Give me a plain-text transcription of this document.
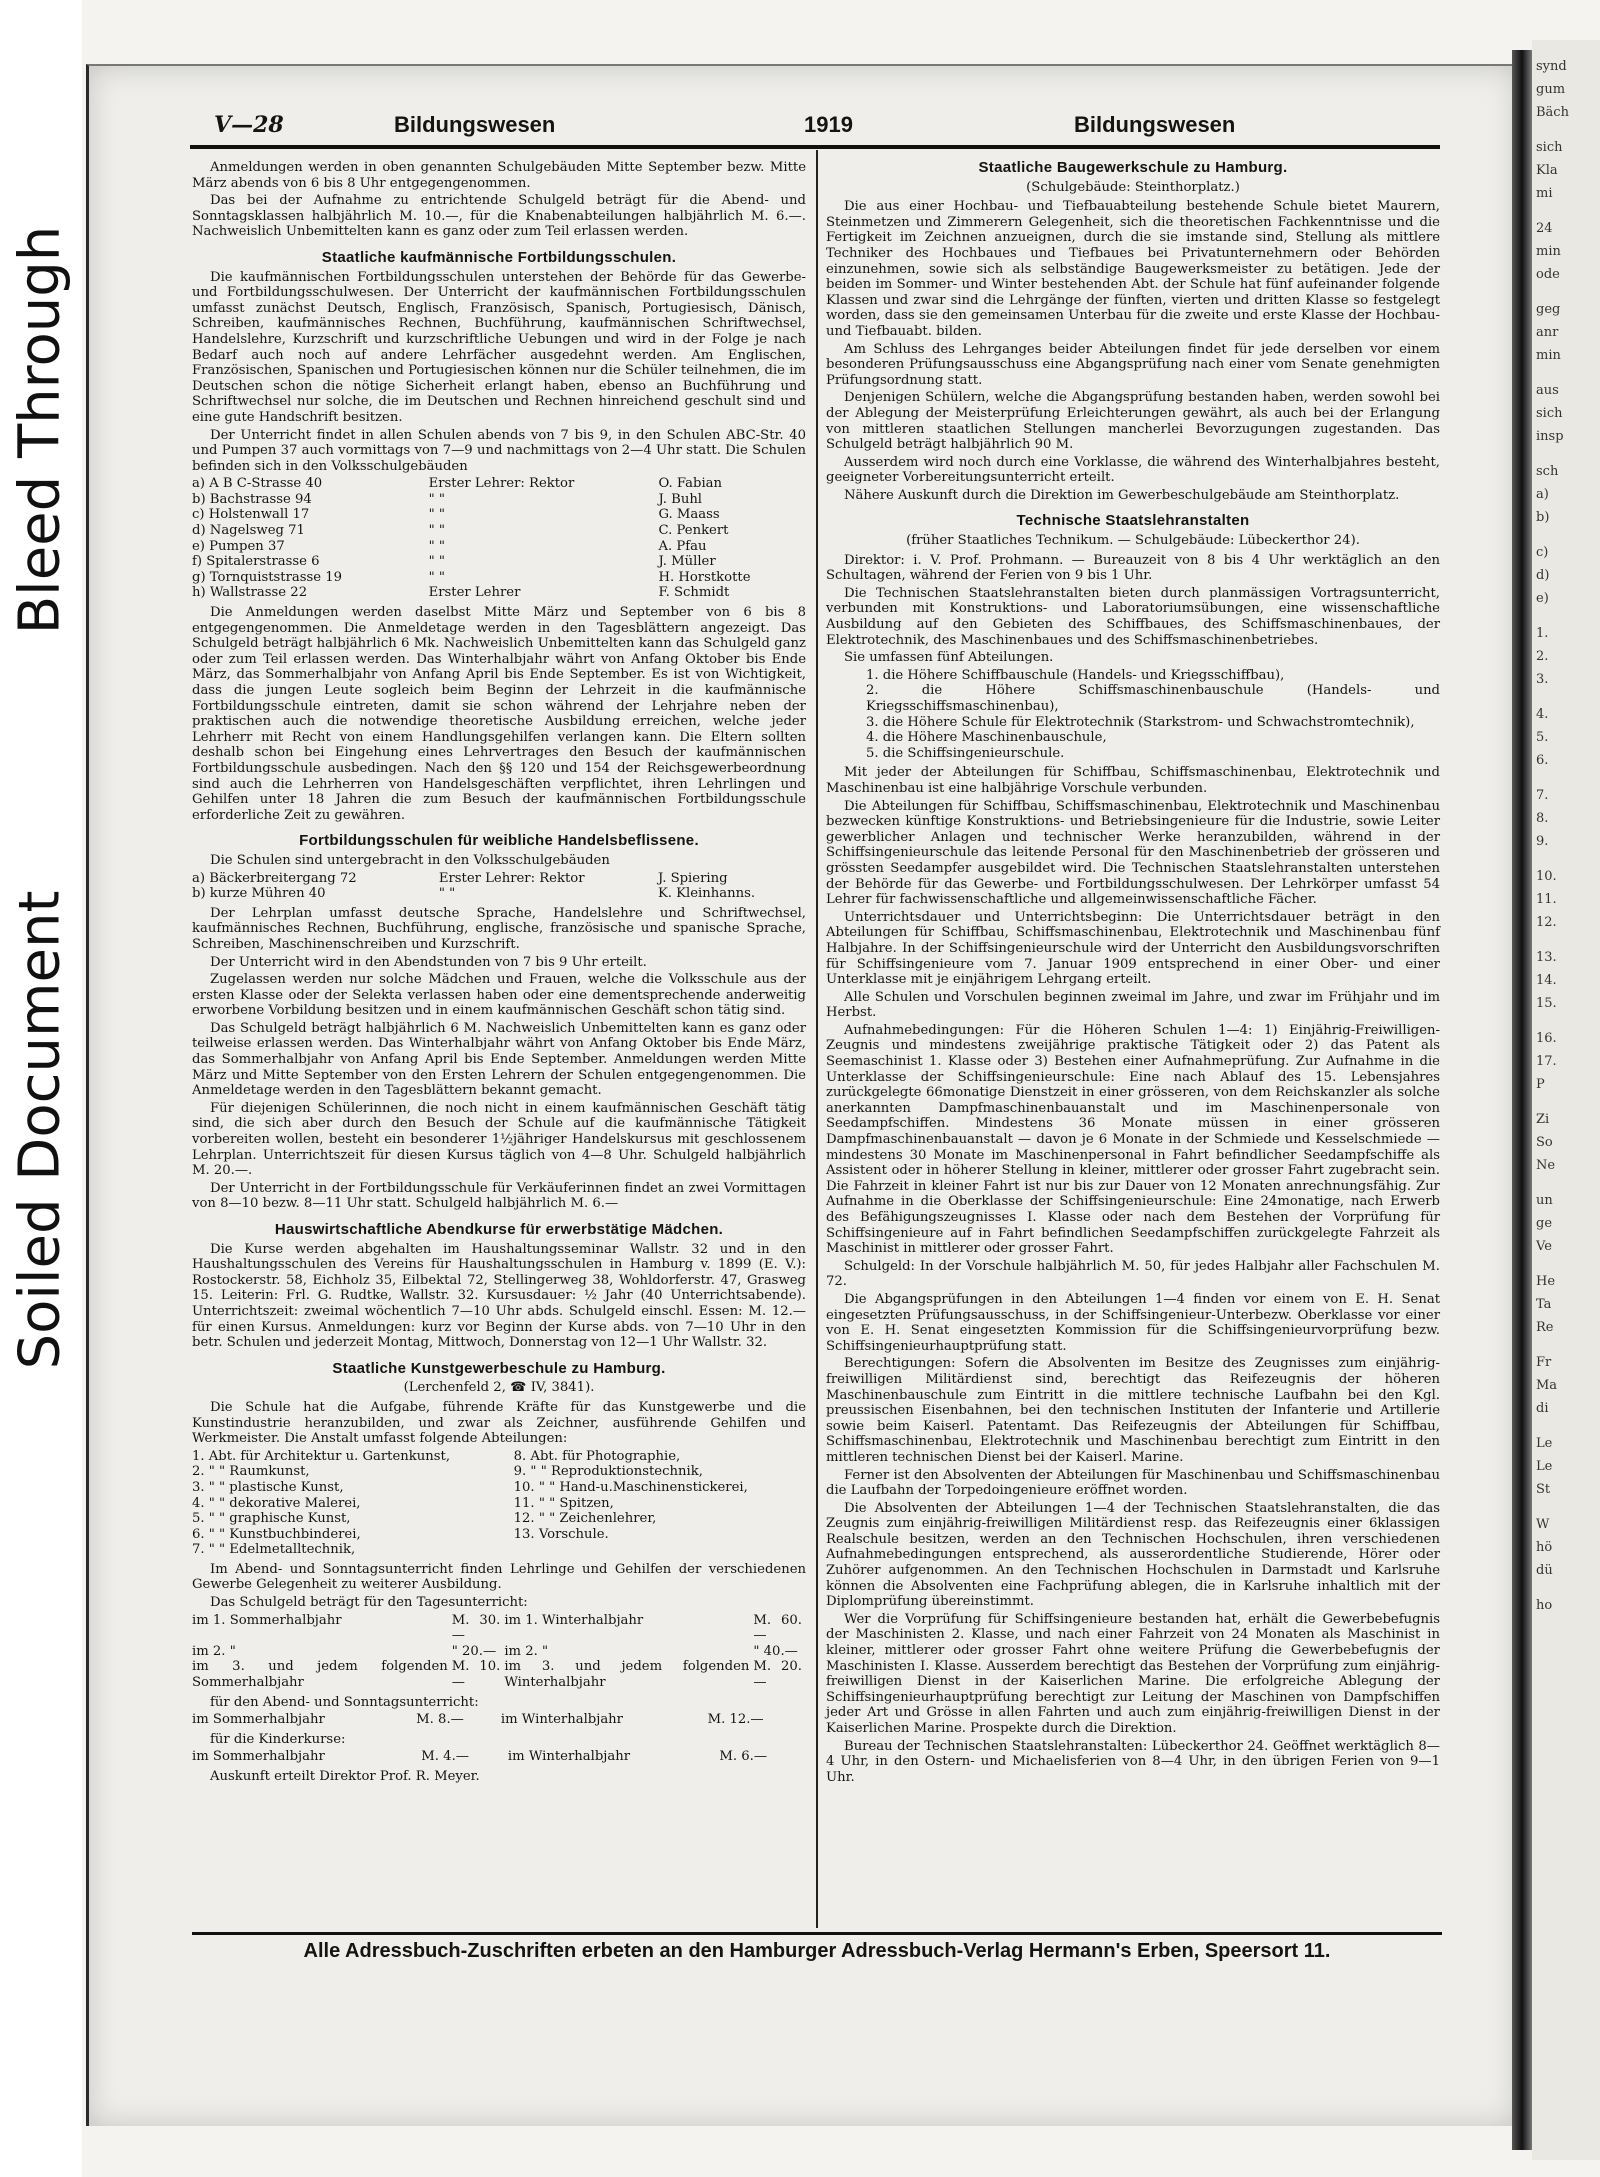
Bleed Through
Soiled Document
synd
gum
Bäch
sich
Kla
mi
24
min
ode
geg
anr
min
aus
sich
insp
sch
a)
b)
c)
d)
e)
1.
2.
3.
4.
5.
6.
7.
8.
9.
10.
11.
12.
13.
14.
15.
16.
17.
P
Zi
So
Ne
un
ge
Ve
He
Ta
Re
Fr
Ma
di
Le
Le
St
W
hö
dü
ho
V—28	Bildungswesen	1919	Bildungswesen

Anmeldungen werden in oben genannten Schulgebäuden Mitte September bezw. Mitte März abends von 6 bis 8 Uhr entgegengenommen.

Das bei der Aufnahme zu entrichtende Schulgeld beträgt für die Abend- und Sonntagsklassen halbjährlich M. 10.—, für die Knabenabteilungen halbjährlich M. 6.—. Nachweislich Unbemittelten kann es ganz oder zum Teil erlassen werden.

Staatliche kaufmännische Fortbildungsschulen.

Die kaufmännischen Fortbildungsschulen unterstehen der Behörde für das Gewerbe- und Fortbildungsschulwesen. Der Unterricht der kaufmännischen Fortbildungsschulen umfasst zunächst Deutsch, Englisch, Französisch, Spanisch, Portugiesisch, Dänisch, Schreiben, kaufmännisches Rechnen, Buchführung, kaufmännischen Schriftwechsel, Handelslehre, Kurzschrift und kurzschriftliche Uebungen und wird in der Folge je nach Bedarf auch noch auf andere Lehrfächer ausgedehnt werden. Am Englischen, Französischen, Spanischen und Portugiesischen können nur die Schüler teilnehmen, die im Deutschen schon die nötige Sicherheit erlangt haben, ebenso an Buchführung und Schriftwechsel nur solche, die im Deutschen und Rechnen hinreichend geschult sind und eine gute Handschrift besitzen.

Der Unterricht findet in allen Schulen abends von 7 bis 9, in den Schulen ABC-Str. 40 und Pumpen 37 auch vormittags von 7—9 und nachmittags von 2—4 Uhr statt. Die Schulen befinden sich in den Volksschulgebäuden

a) A B C-Strasse 40	Erster Lehrer: Rektor	O. Fabian
b) Bachstrasse 94	" "	J. Buhl
c) Holstenwall 17	" "	G. Maass
d) Nagelsweg 71	" "	C. Penkert
e) Pumpen 37	" "	A. Pfau
f) Spitalerstrasse 6	" "	J. Müller
g) Tornquiststrasse 19	" "	H. Horstkotte
h) Wallstrasse 22	Erster Lehrer	F. Schmidt

Die Anmeldungen werden daselbst Mitte März und September von 6 bis 8 entgegengenommen. Die Anmeldetage werden in den Tagesblättern angezeigt. Das Schulgeld beträgt halbjährlich 6 Mk. Nachweislich Unbemittelten kann das Schulgeld ganz oder zum Teil erlassen werden. Das Winterhalbjahr währt von Anfang Oktober bis Ende März, das Sommerhalbjahr von Anfang April bis Ende September. Es ist von Wichtigkeit, dass die jungen Leute sogleich beim Beginn der Lehrzeit in die kaufmännische Fortbildungsschule eintreten, damit sie schon während der Lehrjahre neben der praktischen auch die notwendige theoretische Ausbildung erreichen, welche jeder Lehrherr mit Recht von einem Handlungsgehilfen verlangen kann. Die Eltern sollten deshalb schon bei Eingehung eines Lehrvertrages den Besuch der kaufmännischen Fortbildungsschule ausbedingen. Nach den §§ 120 und 154 der Reichsgewerbeordnung sind auch die Lehrherren von Handelsgeschäften verpflichtet, ihren Lehrlingen und Gehilfen unter 18 Jahren die zum Besuch der kaufmännischen Fortbildungsschule erforderliche Zeit zu gewähren.

Fortbildungsschulen für weibliche Handelsbeflissene.

Die Schulen sind untergebracht in den Volksschulgebäuden

a) Bäckerbreitergang 72	Erster Lehrer: Rektor	J. Spiering
b) kurze Mühren 40	" "	K. Kleinhanns.

Der Lehrplan umfasst deutsche Sprache, Handelslehre und Schriftwechsel, kaufmännisches Rechnen, Buchführung, englische, französische und spanische Sprache, Schreiben, Maschinenschreiben und Kurzschrift.

Der Unterricht wird in den Abendstunden von 7 bis 9 Uhr erteilt.

Zugelassen werden nur solche Mädchen und Frauen, welche die Volksschule aus der ersten Klasse oder der Selekta verlassen haben oder eine dementsprechende anderweitig erworbene Vorbildung besitzen und in einem kaufmännischen Geschäft schon tätig sind.

Das Schulgeld beträgt halbjährlich 6 M. Nachweislich Unbemittelten kann es ganz oder teilweise erlassen werden. Das Winterhalbjahr währt von Anfang Oktober bis Ende März, das Sommerhalbjahr von Anfang April bis Ende September. Anmeldungen werden Mitte März und Mitte September von den Ersten Lehrern der Schulen entgegengenommen. Die Anmeldetage werden in den Tagesblättern bekannt gemacht.

Für diejenigen Schülerinnen, die noch nicht in einem kaufmännischen Geschäft tätig sind, die sich aber durch den Besuch der Schule auf die kaufmännische Tätigkeit vorbereiten wollen, besteht ein besonderer 1½jähriger Handelskursus mit geschlossenem Lehrplan. Unterrichtszeit für diesen Kursus täglich von 4—8 Uhr. Schulgeld halbjährlich M. 20.—.

Der Unterricht in der Fortbildungsschule für Verkäuferinnen findet an zwei Vormittagen von 8—10 bezw. 8—11 Uhr statt. Schulgeld halbjährlich M. 6.—

Hauswirtschaftliche Abendkurse für erwerbstätige Mädchen.

Die Kurse werden abgehalten im Haushaltungsseminar Wallstr. 32 und in den Haushaltungsschulen des Vereins für Haushaltungsschulen in Hamburg v. 1899 (E. V.): Rostockerstr. 58, Eichholz 35, Eilbektal 72, Stellingerweg 38, Wohldorferstr. 47, Grasweg 15. Leiterin: Frl. G. Rudtke, Wallstr. 32. Kursusdauer: ½ Jahr (40 Unterrichtsabende). Unterrichtszeit: zweimal wöchentlich 7—10 Uhr abds. Schulgeld einschl. Essen: M. 12.— für einen Kursus. Anmeldungen: kurz vor Beginn der Kurse abds. von 7—10 Uhr in den betr. Schulen und jederzeit Montag, Mittwoch, Donnerstag von 12—1 Uhr Wallstr. 32.

Staatliche Kunstgewerbeschule zu Hamburg.
(Lerchenfeld 2, ☎ IV, 3841).

Die Schule hat die Aufgabe, führende Kräfte für das Kunstgewerbe und die Kunstindustrie heranzubilden, und zwar als Zeichner, ausführende Gehilfen und Werkmeister. Die Anstalt umfasst folgende Abteilungen:

1. Abt. für Architektur u. Gartenkunst,	8. Abt. für Photographie,
2. " " Raumkunst,	9. " " Reproduktionstechnik,
3. " " plastische Kunst,	10. " " Hand-u.Maschinenstickerei,
4. " " dekorative Malerei,	11. " " Spitzen,
5. " " graphische Kunst,	12. " " Zeichenlehrer,
6. " " Kunstbuchbinderei,	13. Vorschule.
7. " " Edelmetalltechnik,	

Im Abend- und Sonntagsunterricht finden Lehrlinge und Gehilfen der verschiedenen Gewerbe Gelegenheit zu weiterer Ausbildung.

Das Schulgeld beträgt für den Tagesunterricht:

im 1. Sommerhalbjahr	M. 30.—	im 1. Winterhalbjahr	M. 60.—
im 2. "	" 20.—	im 2. "	" 40.—
im 3. und jedem folgenden Sommerhalbjahr	M. 10.—	im 3. und jedem folgenden Winterhalbjahr	M. 20.—

für den Abend- und Sonntagsunterricht:

im Sommerhalbjahr	M. 8.—	im Winterhalbjahr	M. 12.—

für die Kinderkurse:

im Sommerhalbjahr	M. 4.—	im Winterhalbjahr	M. 6.—

Auskunft erteilt Direktor Prof. R. Meyer.

Staatliche Baugewerkschule zu Hamburg.
(Schulgebäude: Steinthorplatz.)

Die aus einer Hochbau- und Tiefbauabteilung bestehende Schule bietet Maurern, Steinmetzen und Zimmerern Gelegenheit, sich die theoretischen Fachkenntnisse und die Fertigkeit im Zeichnen anzueignen, durch die sie imstande sind, Stellung als mittlere Techniker des Hochbaues und Tiefbaues bei Privatunternehmern oder Behörden einzunehmen, sowie sich als selbständige Baugewerksmeister zu betätigen. Jede der beiden im Sommer- und Winter bestehenden Abt. der Schule hat fünf aufeinander folgende Klassen und zwar sind die Lehrgänge der fünften, vierten und dritten Klasse so festgelegt worden, dass sie den gemeinsamen Unterbau für die zweite und erste Klasse der Hochbau- und Tiefbauabt. bilden.

Am Schluss des Lehrganges beider Abteilungen findet für jede derselben vor einem besonderen Prüfungsausschuss eine Abgangsprüfung nach einer vom Senate genehmigten Prüfungsordnung statt.

Denjenigen Schülern, welche die Abgangsprüfung bestanden haben, werden sowohl bei der Ablegung der Meisterprüfung Erleichterungen gewährt, als auch bei der Erlangung von mittleren staatlichen Stellungen mancherlei Bevorzugungen zugestanden. Das Schulgeld beträgt halbjährlich 90 M.

Ausserdem wird noch durch eine Vorklasse, die während des Winterhalbjahres besteht, geeigneter Vorbereitungsunterricht erteilt.

Nähere Auskunft durch die Direktion im Gewerbeschulgebäude am Steinthorplatz.

Technische Staatslehranstalten
(früher Staatliches Technikum. — Schulgebäude: Lübeckerthor 24).

Direktor: i. V. Prof. Prohmann. — Bureauzeit von 8 bis 4 Uhr werktäglich an den Schultagen, während der Ferien von 9 bis 1 Uhr.

Die Technischen Staatslehranstalten bieten durch planmässigen Vortragsunterricht, verbunden mit Konstruktions- und Laboratoriumsübungen, eine wissenschaftliche Ausbildung auf den Gebieten des Schiffbaues, des Schiffsmaschinenbaues, der Elektrotechnik, des Maschinenbaues und des Schiffsmaschinenbetriebes.

Sie umfassen fünf Abteilungen.

1. die Höhere Schiffbauschule (Handels- und Kriegsschiffbau),
2. die Höhere Schiffsmaschinenbauschule (Handels- und Kriegsschiffsmaschinenbau),
3. die Höhere Schule für Elektrotechnik (Starkstrom- und Schwachstromtechnik),
4. die Höhere Maschinenbauschule,
5. die Schiffsingenieurschule.

Mit jeder der Abteilungen für Schiffbau, Schiffsmaschinenbau, Elektrotechnik und Maschinenbau ist eine halbjährige Vorschule verbunden.

Die Abteilungen für Schiffbau, Schiffsmaschinenbau, Elektrotechnik und Maschinenbau bezwecken künftige Konstruktions- und Betriebsingenieure für die Industrie, sowie Leiter gewerblicher Anlagen und technischer Werke heranzubilden, während in der Schiffsingenieurschule das leitende Personal für den Maschinenbetrieb der grösseren und grössten Seedampfer ausgebildet wird. Die Technischen Staatslehranstalten unterstehen der Behörde für das Gewerbe- und Fortbildungsschulwesen. Der Lehrkörper umfasst 54 Lehrer für fachwissenschaftliche und allgemeinwissenschaftliche Fächer.

Unterrichtsdauer und Unterrichtsbeginn: Die Unterrichtsdauer beträgt in den Abteilungen für Schiffbau, Schiffsmaschinenbau, Elektrotechnik und Maschinenbau fünf Halbjahre. In der Schiffsingenieurschule wird der Unterricht den Ausbildungsvorschriften für Schiffsingenieure vom 7. Januar 1909 entsprechend in einer Ober- und einer Unterklasse mit je einjährigem Lehrgang erteilt.

Alle Schulen und Vorschulen beginnen zweimal im Jahre, und zwar im Frühjahr und im Herbst.

Aufnahmebedingungen: Für die Höheren Schulen 1—4: 1) Einjährig-Freiwilligen-Zeugnis und mindestens zweijährige praktische Tätigkeit oder 2) das Patent als Seemaschinist 1. Klasse oder 3) Bestehen einer Aufnahmeprüfung. Zur Aufnahme in die Unterklasse der Schiffsingenieurschule: Eine nach Ablauf des 15. Lebensjahres zurückgelegte 66monatige Dienstzeit in einer grösseren, von dem Reichskanzler als solche anerkannten Dampfmaschinenbauanstalt und im Maschinenpersonale von Seedampfschiffen. Mindestens 36 Monate müssen in einer grösseren Dampfmaschinenbauanstalt — davon je 6 Monate in der Schmiede und Kesselschmiede — mindestens 30 Monate im Maschinenpersonal in Fahrt befindlicher Seedampfschiffe als Assistent oder in höherer Stellung in kleiner, mittlerer oder grosser Fahrt zugebracht sein. Die Fahrzeit in kleiner Fahrt ist nur bis zur Dauer von 12 Monaten anrechnungsfähig. Zur Aufnahme in die Oberklasse der Schiffsingenieurschule: Eine 24monatige, nach Erwerb des Befähigungszeugnisses I. Klasse oder nach dem Bestehen der Vorprüfung für Schiffsingenieure auf in Fahrt befindlichen Seedampfschiffen zurückgelegte Fahrzeit als Maschinist in mittlerer oder grosser Fahrt.

Schulgeld: In der Vorschule halbjährlich M. 50, für jedes Halbjahr aller Fachschulen M. 72.

Die Abgangsprüfungen in den Abteilungen 1—4 finden vor einem von E. H. Senat eingesetzten Prüfungsausschuss, in der Schiffsingenieur-Unterbezw. Oberklasse vor einer von E. H. Senat eingesetzten Kommission für die Schiffsingenieurvorprüfung bezw. Schiffsingenieurhauptprüfung statt.

Berechtigungen: Sofern die Absolventen im Besitze des Zeugnisses zum einjährig-freiwilligen Militärdienst sind, berechtigt das Reifezeugnis der höheren Maschinenbauschule zum Eintritt in die mittlere technische Laufbahn bei den Kgl. preussischen Eisenbahnen, bei den technischen Instituten der Infanterie und Artillerie sowie beim Kaiserl. Patentamt. Das Reifezeugnis der Abteilungen für Schiffbau, Schiffsmaschinenbau, Elektrotechnik und Maschinenbau berechtigt zum Eintritt in den mittleren technischen Dienst bei der Kaiserl. Marine.

Ferner ist den Absolventen der Abteilungen für Maschinenbau und Schiffsmaschinenbau die Laufbahn der Torpedoingenieure eröffnet worden.

Die Absolventen der Abteilungen 1—4 der Technischen Staatslehranstalten, die das Zeugnis zum einjährig-freiwilligen Militärdienst resp. das Reifezeugnis einer 6klassigen Realschule besitzen, werden an den Technischen Hochschulen, ihren verschiedenen Aufnahmebedingungen entsprechend, als ausserordentliche Studierende, Hörer oder Zuhörer aufgenommen. An den Technischen Hochschulen in Darmstadt und Karlsruhe können die Absolventen eine Fachprüfung ablegen, die in Karlsruhe inhaltlich mit der Diplomprüfung übereinstimmt.

Wer die Vorprüfung für Schiffsingenieure bestanden hat, erhält die Gewerbebefugnis der Maschinisten 2. Klasse, und nach einer Fahrzeit von 24 Monaten als Maschinist in kleiner, mittlerer oder grosser Fahrt ohne weitere Prüfung die Gewerbebefugnis der Maschinisten I. Klasse. Ausserdem berechtigt das Bestehen der Vorprüfung zum einjährig-freiwilligen Dienst in der Kaiserlichen Marine. Die erfolgreiche Ablegung der Schiffsingenieurhauptprüfung berechtigt zur Leitung der Maschinen von Dampfschiffen jeder Art und Grösse in allen Fahrten und auch zum einjährig-freiwilligen Dienst in der Kaiserlichen Marine. Prospekte durch die Direktion.

Bureau der Technischen Staatslehranstalten: Lübeckerthor 24. Geöffnet werktäglich 8—4 Uhr, in den Ostern- und Michaelisferien von 8—4 Uhr, in den übrigen Ferien von 9—1 Uhr.

Alle Adressbuch-Zuschriften erbeten an den Hamburger Adressbuch-Verlag Hermann's Erben, Speersort 11.
